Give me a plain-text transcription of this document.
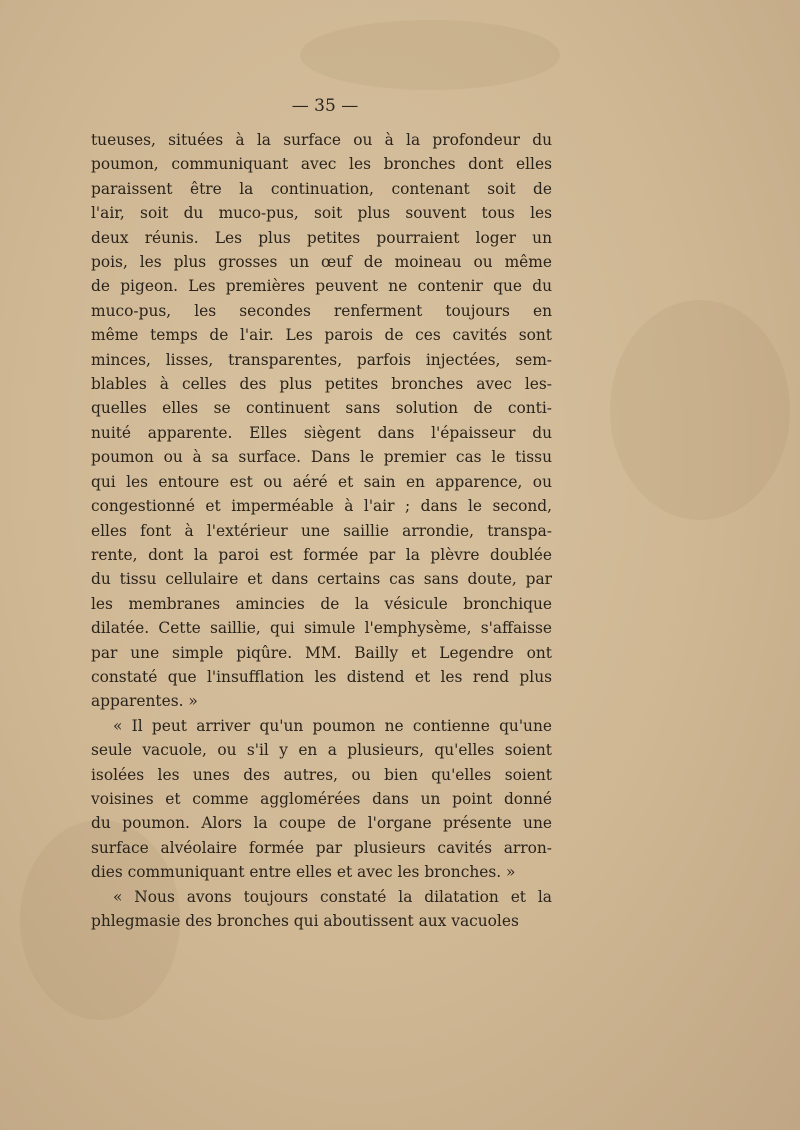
— 35 —
tueuses, situées à la surface ou à la profondeur du
poumon, communiquant avec les bronches dont elles
paraissent être la continuation, contenant soit de
l'air, soit du muco-pus, soit plus souvent tous les
deux réunis. Les plus petites pourraient loger un
pois, les plus grosses un œuf de moineau ou même
de pigeon. Les premières peuvent ne contenir que du
muco-pus, les secondes renferment toujours en
même temps de l'air. Les parois de ces cavités sont
minces, lisses, transparentes, parfois injectées, sem-
blables à celles des plus petites bronches avec les-
quelles elles se continuent sans solution de conti-
nuité apparente. Elles siègent dans l'épaisseur du
poumon ou à sa surface. Dans le premier cas le tissu
qui les entoure est ou aéré et sain en apparence, ou
congestionné et imperméable à l'air ; dans le second,
elles font à l'extérieur une saillie arrondie, transpa-
rente, dont la paroi est formée par la plèvre doublée
du tissu cellulaire et dans certains cas sans doute, par
les membranes amincies de la vésicule bronchique
dilatée. Cette saillie, qui simule l'emphysème, s'affaisse
par une simple piqûre. MM. Bailly et Legendre ont
constaté que l'insufflation les distend et les rend plus
apparentes. »
« Il peut arriver qu'un poumon ne contienne qu'une
seule vacuole, ou s'il y en a plusieurs, qu'elles soient
isolées les unes des autres, ou bien qu'elles soient
voisines et comme agglomérées dans un point donné
du poumon. Alors la coupe de l'organe présente une
surface alvéolaire formée par plusieurs cavités arron-
dies communiquant entre elles et avec les bronches. »
« Nous avons toujours constaté la dilatation et la
phlegmasie des bronches qui aboutissent aux vacuoles
